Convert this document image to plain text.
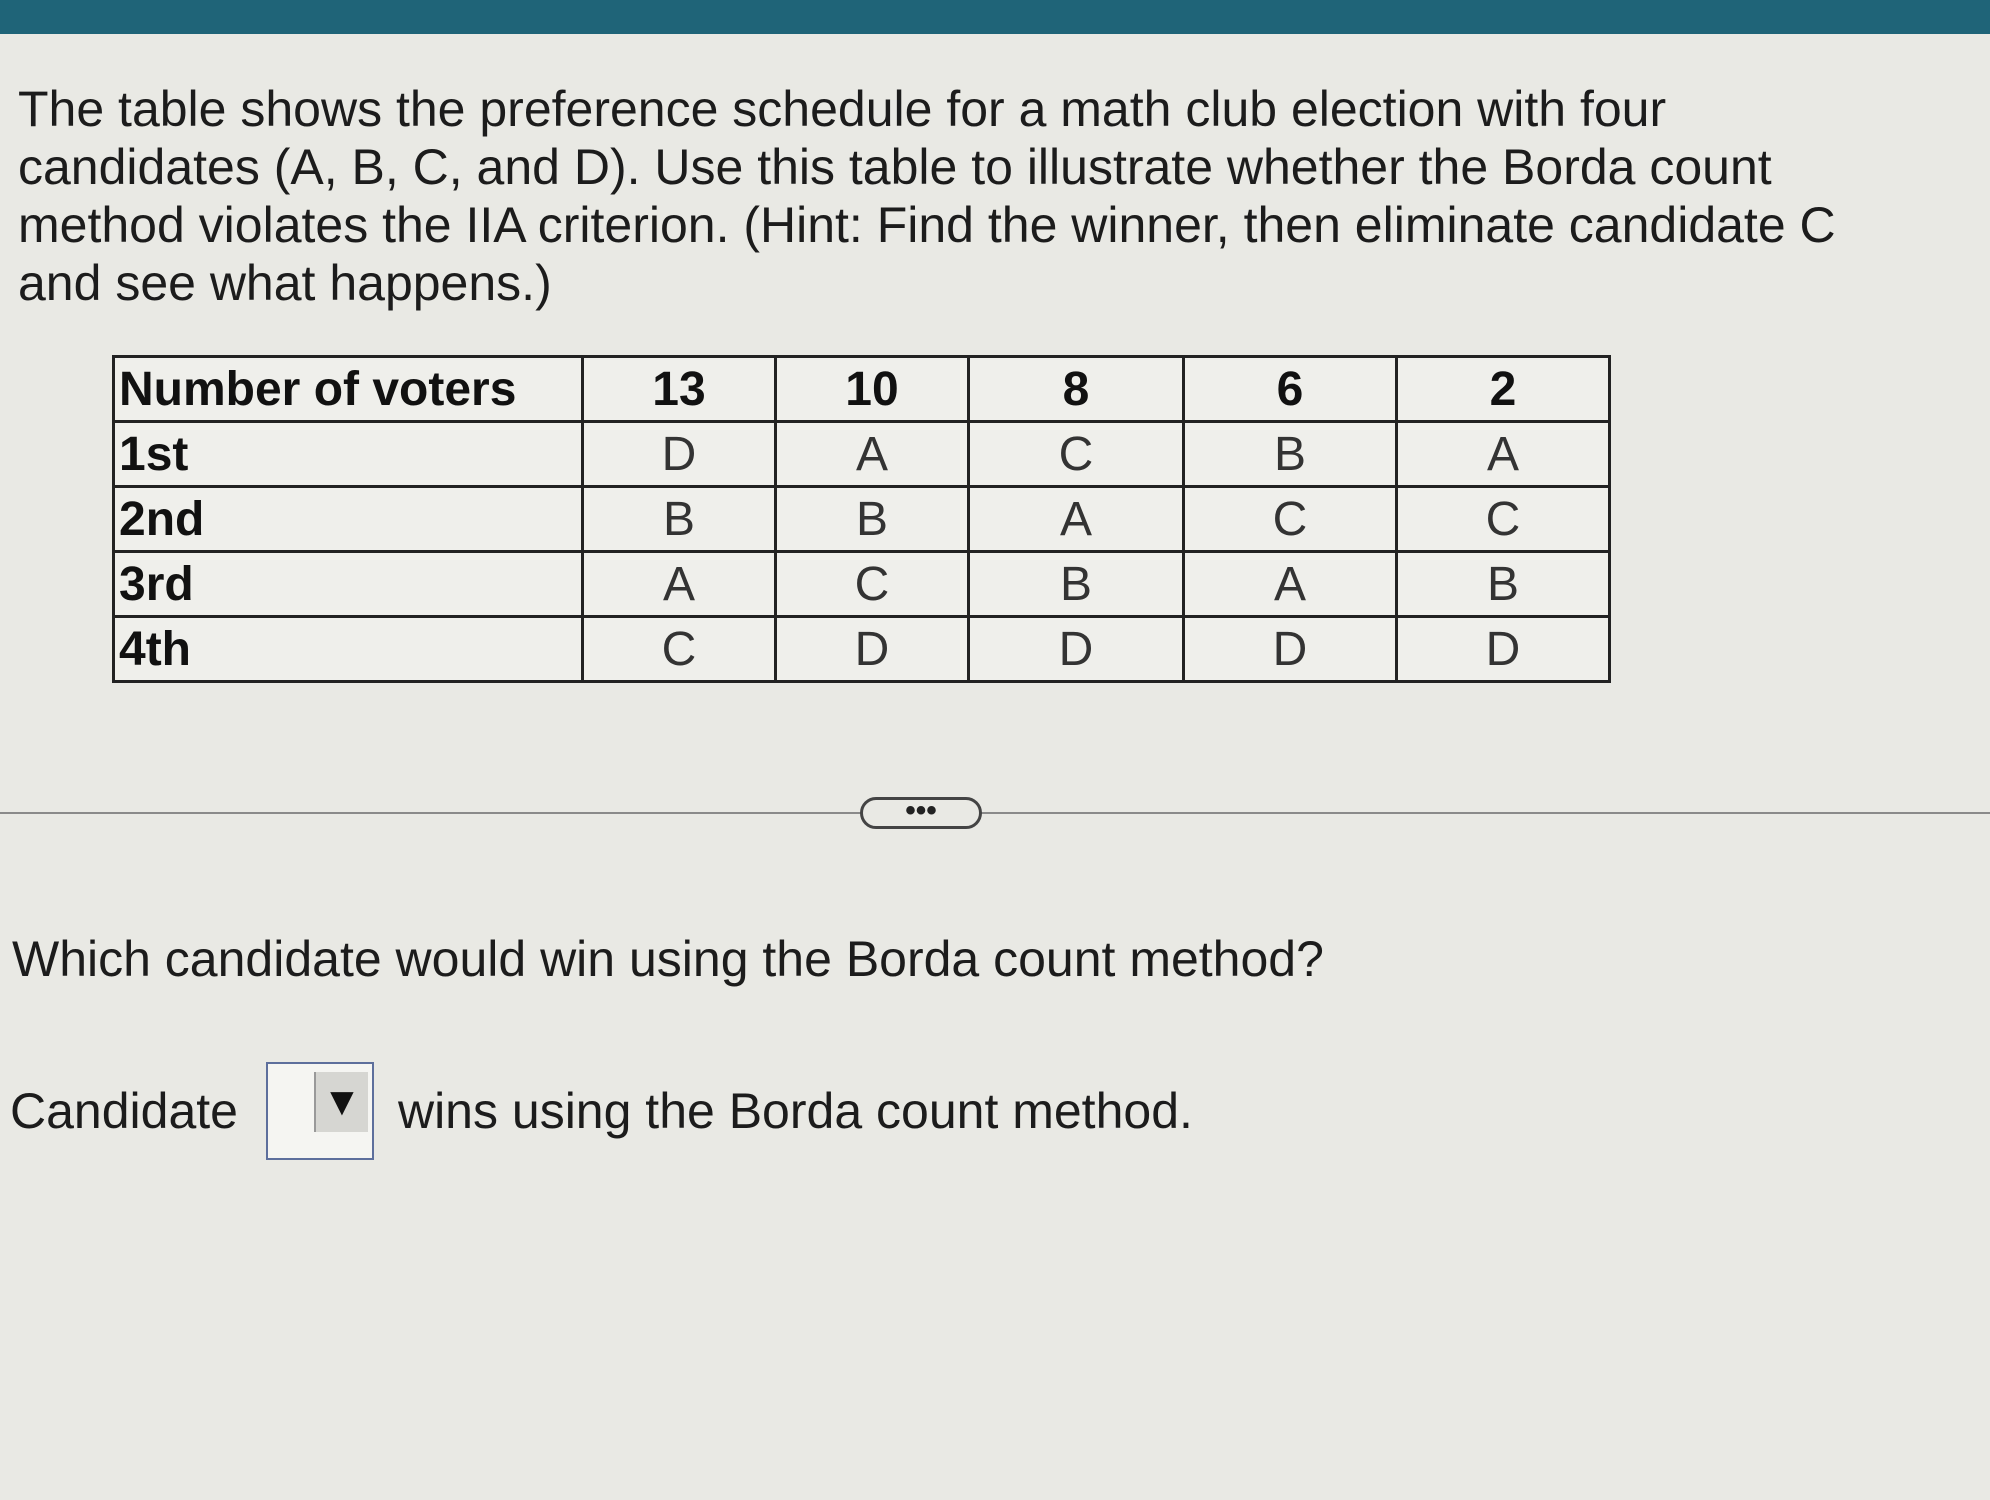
The table shows the preference schedule for a math club election with four candidates (A, B, C, and D). Use this table to illustrate whether the Borda count method violates the IIA criterion. (Hint: Find the winner, then eliminate candidate C and see what happens.)
Number of voters	13	10	8	6	2
1st	D	A	C	B	A
2nd	B	B	A	C	C
3rd	A	C	B	A	B
4th	C	D	D	D	D
•••
Which candidate would win using the Borda count method?
Candidate ▼ wins using the Borda count method.
